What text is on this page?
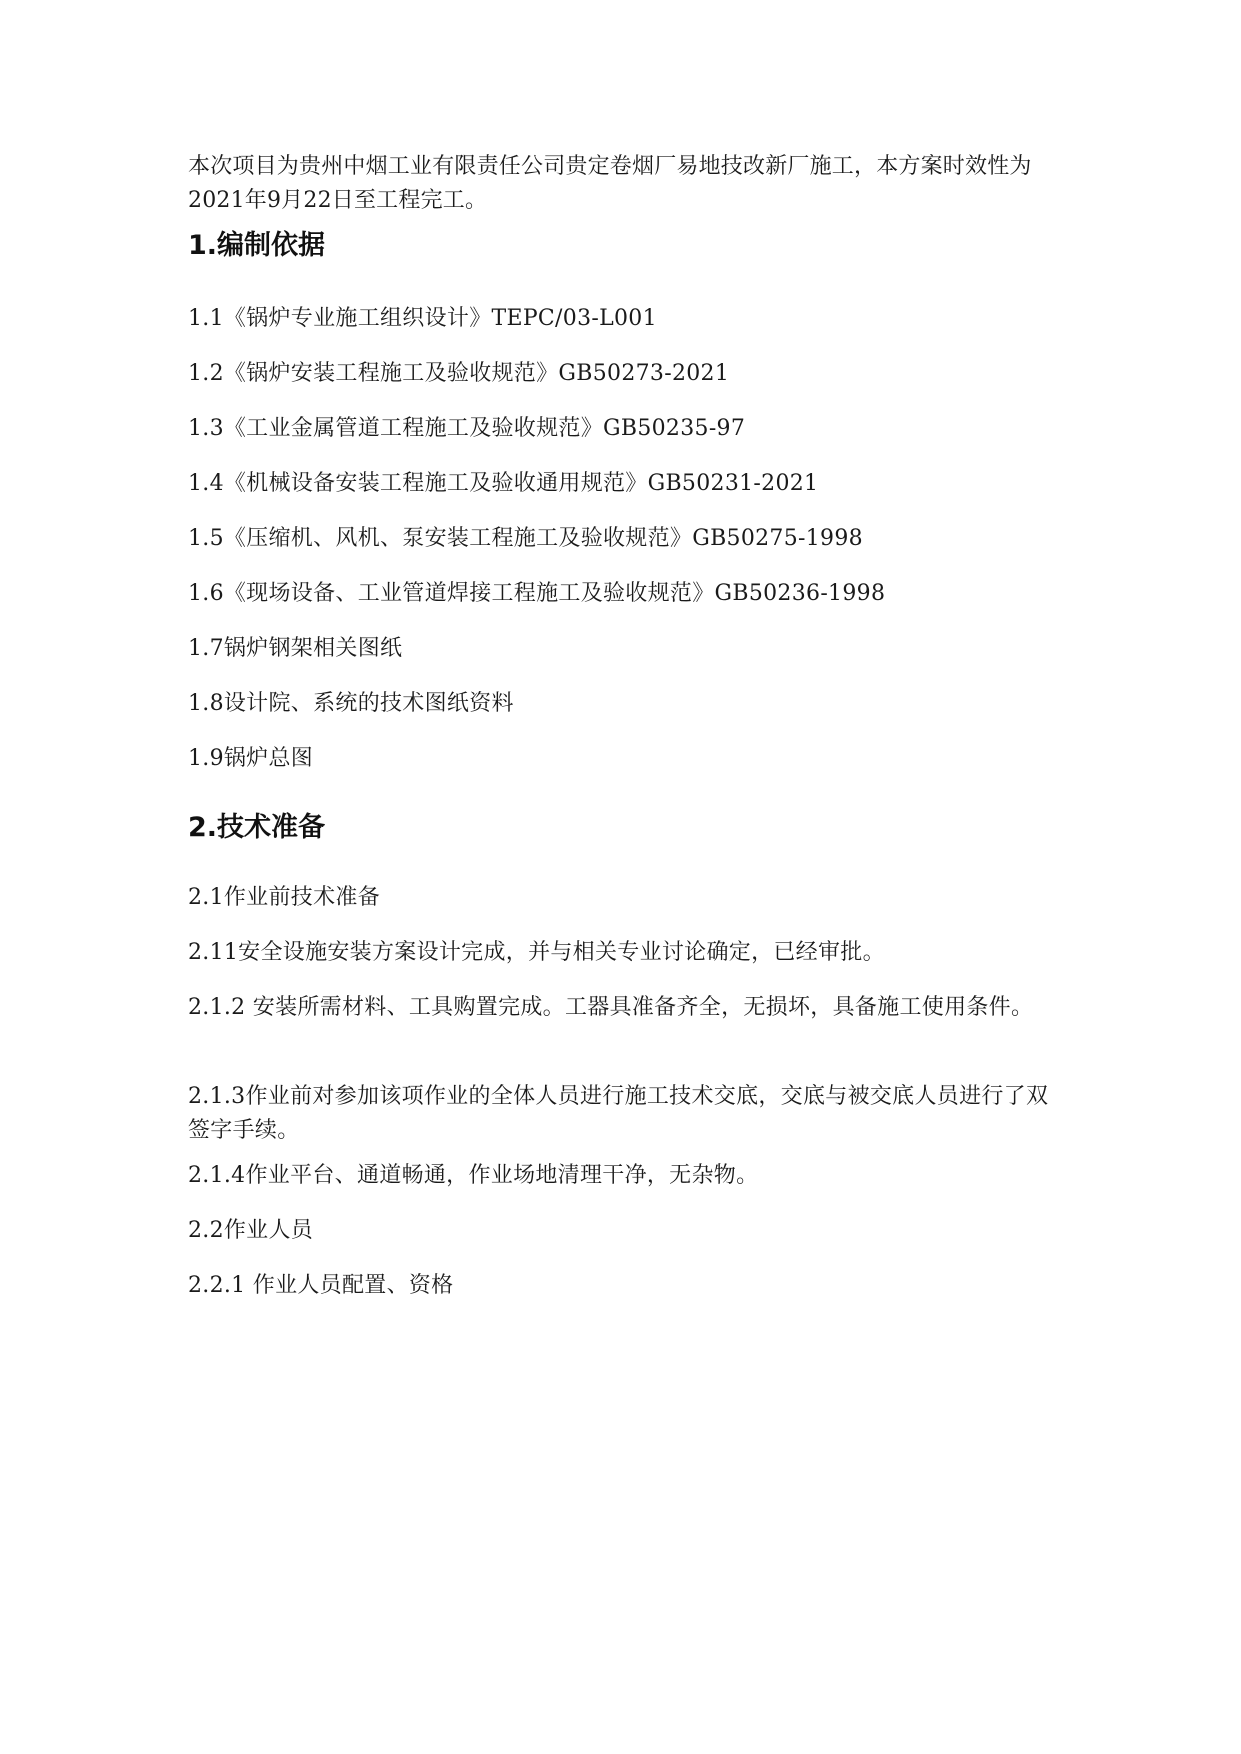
本次项目为贵州中烟工业有限责任公司贵定卷烟厂易地技改新厂施工，本方案时效性为2021年9月22日至工程完工。

1.编制依据

1.1《锅炉专业施工组织设计》TEPC/03-L001

1.2《锅炉安装工程施工及验收规范》GB50273-2021

1.3《工业金属管道工程施工及验收规范》GB50235-97

1.4《机械设备安装工程施工及验收通用规范》GB50231-2021

1.5《压缩机、风机、泵安装工程施工及验收规范》GB50275-1998

1.6《现场设备、工业管道焊接工程施工及验收规范》GB50236-1998

1.7锅炉钢架相关图纸

1.8设计院、系统的技术图纸资料

1.9锅炉总图

2.技术准备

2.1作业前技术准备

2.11安全设施安装方案设计完成，并与相关专业讨论确定，已经审批。

2.1.2 安装所需材料、工具购置完成。工器具准备齐全，无损坏，具备施工使用条件。

2.1.3作业前对参加该项作业的全体人员进行施工技术交底，交底与被交底人员进行了双签字手续。

2.1.4作业平台、通道畅通，作业场地清理干净，无杂物。

2.2作业人员

2.2.1 作业人员配置、资格
